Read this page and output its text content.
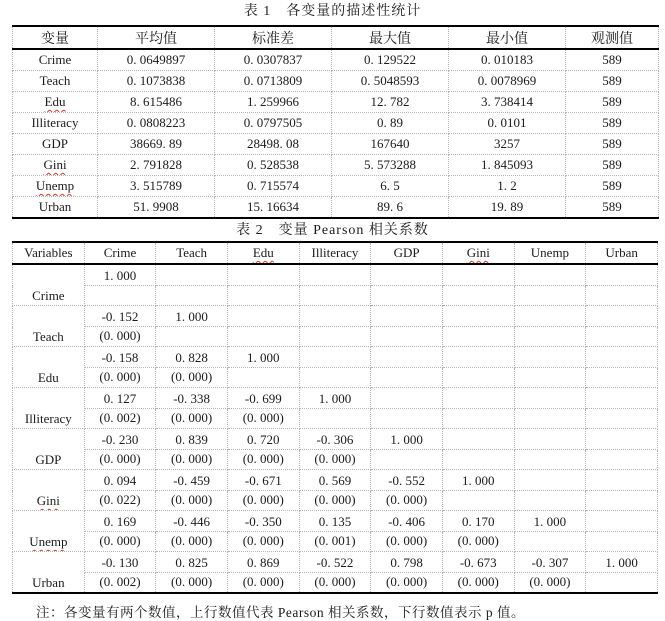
表 1　各变量的描述性统计
变量	平均值	标准差	最大值	最小值	观测值
Crime	0. 0649897	0. 0307837	0. 129522	0. 010183	589
Teach	0. 1073838	0. 0713809	0. 5048593	0. 0078969	589
Edu	8. 615486	1. 259966	12. 782	3. 738414	589
Illiteracy	0. 0808223	0. 0797505	0. 89	0. 0101	589
GDP	38669. 89	28498. 08	167640	3257	589
Gini	2. 791828	0. 528538	5. 573288	1. 845093	589
Unemp	3. 515789	0. 715574	6. 5	1. 2	589
Urban	51. 9908	15. 16634	89. 6	19. 89	589
表 2　变量 Pearson 相关系数
Variables	Crime	Teach	Edu	Illiteracy	GDP	Gini	Unemp	Urban
Crime	1. 000							

Teach	-0. 152	1. 000						
	(0. 000)							
Edu	-0. 158	0. 828	1. 000					
	(0. 000)	(0. 000)						
Illiteracy	0. 127	-0. 338	-0. 699	1. 000				
	(0. 002)	(0. 000)	(0. 000)					
GDP	-0. 230	0. 839	0. 720	-0. 306	1. 000			
	(0. 000)	(0. 000)	(0. 000)	(0. 000)				
Gini	0. 094	-0. 459	-0. 671	0. 569	-0. 552	1. 000		
	(0. 022)	(0. 000)	(0. 000)	(0. 000)	(0. 000)			
Unemp	0. 169	-0. 446	-0. 350	0. 135	-0. 406	0. 170	1. 000	
	(0. 000)	(0. 000)	(0. 000)	(0. 001)	(0. 000)	(0. 000)		
Urban	-0. 130	0. 825	0. 869	-0. 522	0. 798	-0. 673	-0. 307	1. 000
	(0. 002)	(0. 000)	(0. 000)	(0. 000)	(0. 000)	(0. 000)	(0. 000)	
注：各变量有两个数值，上行数值代表 Pearson 相关系数，下行数值表示 p 值。
